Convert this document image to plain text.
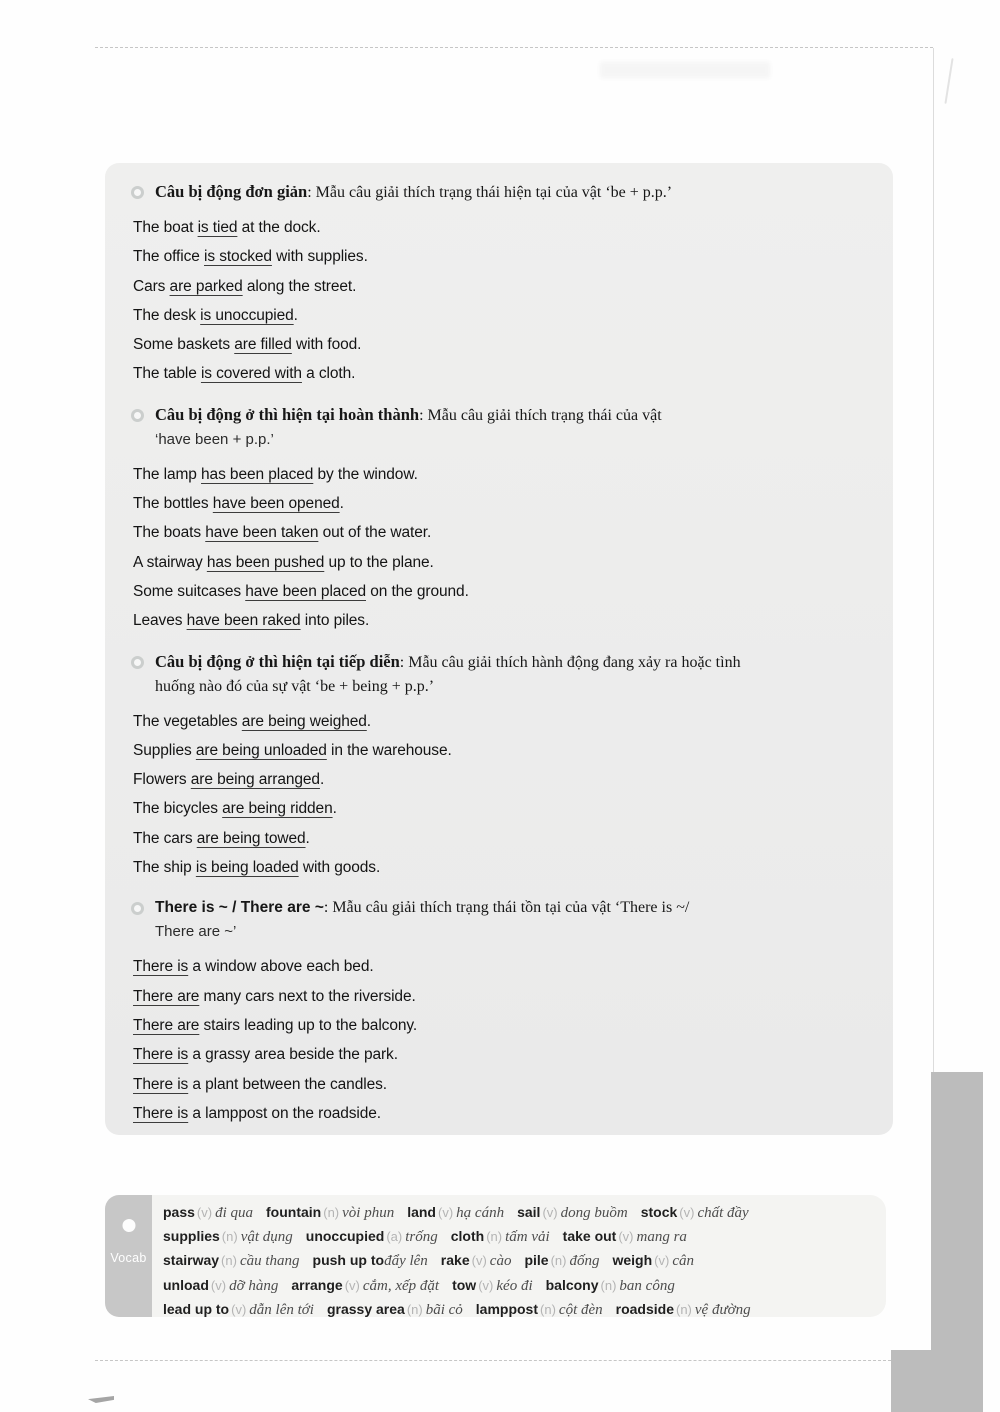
Câu bị động đơn giản: Mẫu câu giải thích trạng thái hiện tại của vật ‘be + p.p.’

The boat is tied at the dock.

The office is stocked with supplies.

Cars are parked along the street.

The desk is unoccupied.

Some baskets are filled with food.

The table is covered with a cloth.

Câu bị động ở thì hiện tại hoàn thành: Mẫu câu giải thích trạng thái của vật
‘have been + p.p.’

The lamp has been placed by the window.

The bottles have been opened.

The boats have been taken out of the water.

A stairway has been pushed up to the plane.

Some suitcases have been placed on the ground.

Leaves have been raked into piles.

Câu bị động ở thì hiện tại tiếp diễn: Mẫu câu giải thích hành động đang xảy ra hoặc tình
huống nào đó của sự vật ‘be + being + p.p.’

The vegetables are being weighed.

Supplies are being unloaded in the warehouse.

Flowers are being arranged.

The bicycles are being ridden.

The cars are being towed.

The ship is being loaded with goods.

There is ~ / There are ~: Mẫu câu giải thích trạng thái tồn tại của vật ‘There is ~/
There are ~’

There is a window above each bed.

There are many cars next to the riverside.

There are stairs leading up to the balcony.

There is a grassy area beside the park.

There is a plant between the candles.

There is a lamppost on the roadside.

Vocab
pass (v) đi qua fountain (n) vòi phun land (v) hạ cánh sail (v) dong buồm stock (v) chất đầy
supplies (n) vật dụng unoccupied (a) trống cloth (n) tấm vải take out (v) mang ra
stairway (n) cầu thang push up tođẩy lên rake (v) cào pile (n) đống weigh (v) cân
unload (v) dỡ hàng arrange (v) cắm, xếp đặt tow (v) kéo đi balcony (n) ban công
lead up to (v) dẫn lên tới grassy area (n) bãi cỏ lamppost (n) cột đèn roadside (n) vệ đường
